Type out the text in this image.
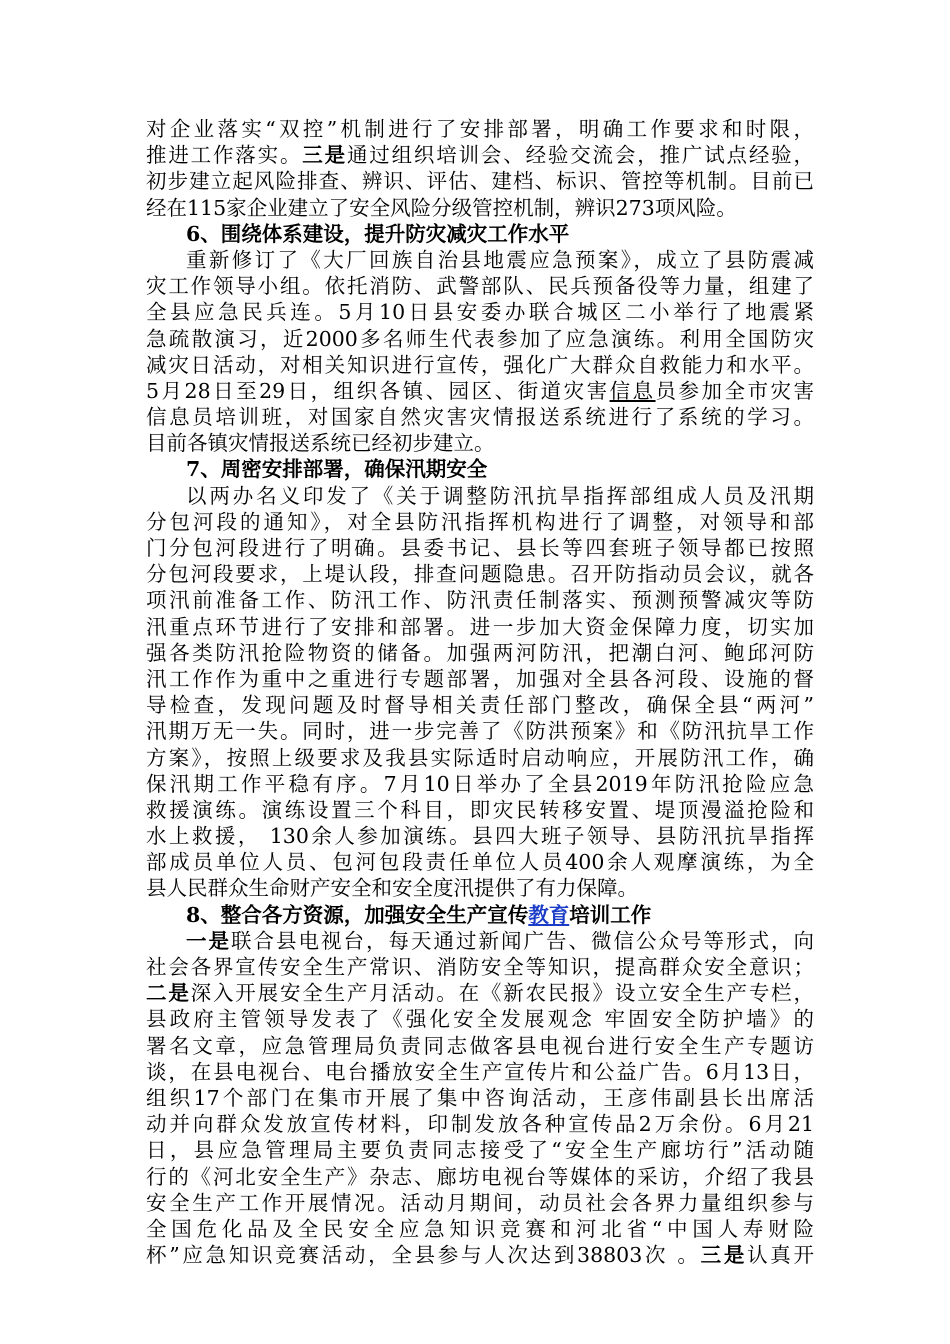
对企业落实“双控”机制进行了安排部署，明确工作要求和时限，
推进工作落实。三是通过组织培训会、经验交流会，推广试点经验，
初步建立起风险排查、辨识、评估、建档、标识、管控等机制。目前已
经在115家企业建立了安全风险分级管控机制，辨识273项风险。
6、围绕体系建设，提升防灾减灾工作水平
重新修订了《大厂回族自治县地震应急预案》，成立了县防震减
灾工作领导小组。依托消防、武警部队、民兵预备役等力量，组建了
全县应急民兵连。5月10日县安委办联合城区二小举行了地震紧
急疏散演习，近2000多名师生代表参加了应急演练。利用全国防灾
减灾日活动，对相关知识进行宣传，强化广大群众自救能力和水平。
5月28日至29日，组织各镇、园区、街道灾害信息员参加全市灾害
信息员培训班，对国家自然灾害灾情报送系统进行了系统的学习。
目前各镇灾情报送系统已经初步建立。
7、周密安排部署，确保汛期安全
以两办名义印发了《关于调整防汛抗旱指挥部组成人员及汛期
分包河段的通知》，对全县防汛指挥机构进行了调整，对领导和部
门分包河段进行了明确。县委书记、县长等四套班子领导都已按照
分包河段要求，上堤认段，排查问题隐患。召开防指动员会议，就各
项汛前准备工作、防汛工作、防汛责任制落实、预测预警减灾等防
汛重点环节进行了安排和部署。进一步加大资金保障力度，切实加
强各类防汛抢险物资的储备。加强两河防汛，把潮白河、鲍邱河防
汛工作作为重中之重进行专题部署，加强对全县各河段、设施的督
导检查，发现问题及时督导相关责任部门整改，确保全县“两河”
汛期万无一失。同时，进一步完善了《防洪预案》和《防汛抗旱工作
方案》，按照上级要求及我县实际适时启动响应，开展防汛工作，确
保汛期工作平稳有序。7月10日举办了全县2019年防汛抢险应急
救援演练。演练设置三个科目，即灾民转移安置、堤顶漫溢抢险和
水上救援， 130余人参加演练。县四大班子领导、县防汛抗旱指挥
部成员单位人员、包河包段责任单位人员400余人观摩演练，为全
县人民群众生命财产安全和安全度汛提供了有力保障。
8、整合各方资源，加强安全生产宣传教育培训工作
一是联合县电视台，每天通过新闻广告、微信公众号等形式，向
社会各界宣传安全生产常识、消防安全等知识，提高群众安全意识；
二是深入开展安全生产月活动。在《新农民报》设立安全生产专栏，
县政府主管领导发表了《强化安全发展观念 牢固安全防护墙》的
署名文章，应急管理局负责同志做客县电视台进行安全生产专题访
谈，在县电视台、电台播放安全生产宣传片和公益广告。6月13日，
组织17个部门在集市开展了集中咨询活动，王彦伟副县长出席活
动并向群众发放宣传材料，印制发放各种宣传品2万余份。6月21
日，县应急管理局主要负责同志接受了“安全生产廊坊行”活动随
行的《河北安全生产》杂志、廊坊电视台等媒体的采访，介绍了我县
安全生产工作开展情况。活动月期间，动员社会各界力量组织参与
全国危化品及全民安全应急知识竞赛和河北省“中国人寿财险
杯”应急知识竞赛活动，全县参与人次达到38803次 。三是认真开
